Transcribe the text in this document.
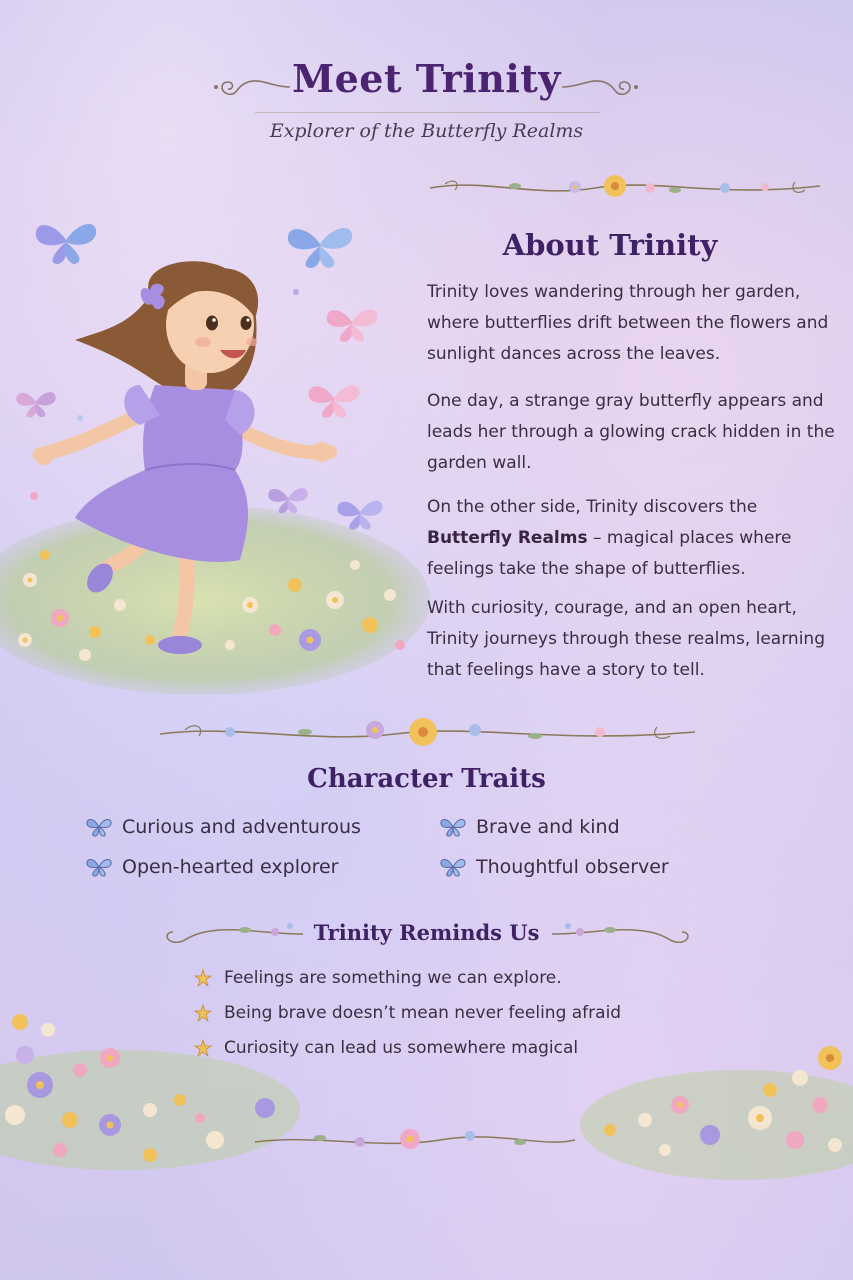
Meet Trinity
Explorer of the Butterfly Realms
About Trinity

Trinity loves wandering through her garden, where butterflies drift between the flowers and sunlight dances across the leaves.

One day, a strange gray butterfly appears and leads her through a glowing crack hidden in the garden wall.

On the other side, Trinity discovers the Butterfly Realms – magical places where feelings take the shape of butterflies.

With curiosity, courage, and an open heart, Trinity journeys through these realms, learning that feelings have a story to tell.

Character Traits
Curious and adventurous	Brave and kind
Open-hearted explorer	Thoughtful observer
Trinity Reminds Us
Feelings are something we can explore.
Being brave doesn’t mean never feeling afraid
Curiosity can lead us somewhere magical
